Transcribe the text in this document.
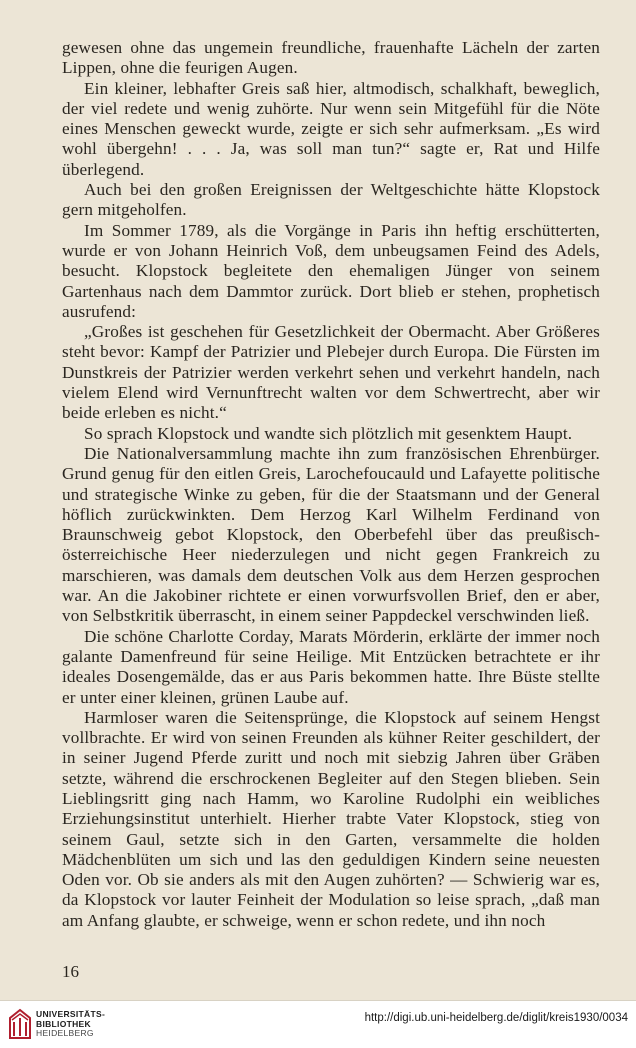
gewesen ohne das ungemein freundliche, frauenhafte Lächeln der zarten Lippen, ohne die feurigen Augen.

Ein kleiner, lebhafter Greis saß hier, altmodisch, schalkhaft, beweglich, der viel redete und wenig zuhörte. Nur wenn sein Mitgefühl für die Nöte eines Menschen geweckt wurde, zeigte er sich sehr aufmerksam. „Es wird wohl übergehn! . . . Ja, was soll man tun?“ sagte er, Rat und Hilfe überlegend.

Auch bei den großen Ereignissen der Weltgeschichte hätte Klopstock gern mitgeholfen.

Im Sommer 1789, als die Vorgänge in Paris ihn heftig erschütterten, wurde er von Johann Heinrich Voß, dem unbeugsamen Feind des Adels, besucht. Klopstock begleitete den ehemaligen Jünger von seinem Gartenhaus nach dem Dammtor zurück. Dort blieb er stehen, prophetisch ausrufend:

„Großes ist geschehen für Gesetzlichkeit der Obermacht. Aber Größeres steht bevor: Kampf der Patrizier und Plebejer durch Europa. Die Fürsten im Dunstkreis der Patrizier werden verkehrt sehen und verkehrt handeln, nach vielem Elend wird Vernunftrecht walten vor dem Schwertrecht, aber wir beide erleben es nicht.“

So sprach Klopstock und wandte sich plötzlich mit gesenktem Haupt.

Die Nationalversammlung machte ihn zum französischen Ehrenbürger. Grund genug für den eitlen Greis, Larochefoucauld und Lafayette politische und strategische Winke zu geben, für die der Staatsmann und der General höflich zurückwinkten. Dem Herzog Karl Wilhelm Ferdinand von Braunschweig gebot Klopstock, den Oberbefehl über das preußisch-österreichische Heer niederzulegen und nicht gegen Frankreich zu marschieren, was damals dem deutschen Volk aus dem Herzen gesprochen war. An die Jakobiner richtete er einen vorwurfsvollen Brief, den er aber, von Selbstkritik überrascht, in einem seiner Pappdeckel verschwinden ließ.

Die schöne Charlotte Corday, Marats Mörderin, erklärte der immer noch galante Damenfreund für seine Heilige. Mit Entzücken betrachtete er ihr ideales Dosengemälde, das er aus Paris bekommen hatte. Ihre Büste stellte er unter einer kleinen, grünen Laube auf.

Harmloser waren die Seitensprünge, die Klopstock auf seinem Hengst vollbrachte. Er wird von seinen Freunden als kühner Reiter geschildert, der in seiner Jugend Pferde zuritt und noch mit siebzig Jahren über Gräben setzte, während die erschrockenen Begleiter auf den Stegen blieben. Sein Lieblingsritt ging nach Hamm, wo Karoline Rudolphi ein weibliches Erziehungsinstitut unterhielt. Hierher trabte Vater Klopstock, stieg von seinem Gaul, setzte sich in den Garten, versammelte die holden Mädchenblüten um sich und las den geduldigen Kindern seine neuesten Oden vor. Ob sie anders als mit den Augen zuhörten? — Schwierig war es, da Klopstock vor lauter Feinheit der Modulation so leise sprach, „daß man am Anfang glaubte, er schweige, wenn er schon redete, und ihn noch

16
UNIVERSITÄTS-
BIBLIOTHEK
HEIDELBERG
http://digi.ub.uni-heidelberg.de/diglit/kreis1930/0034
